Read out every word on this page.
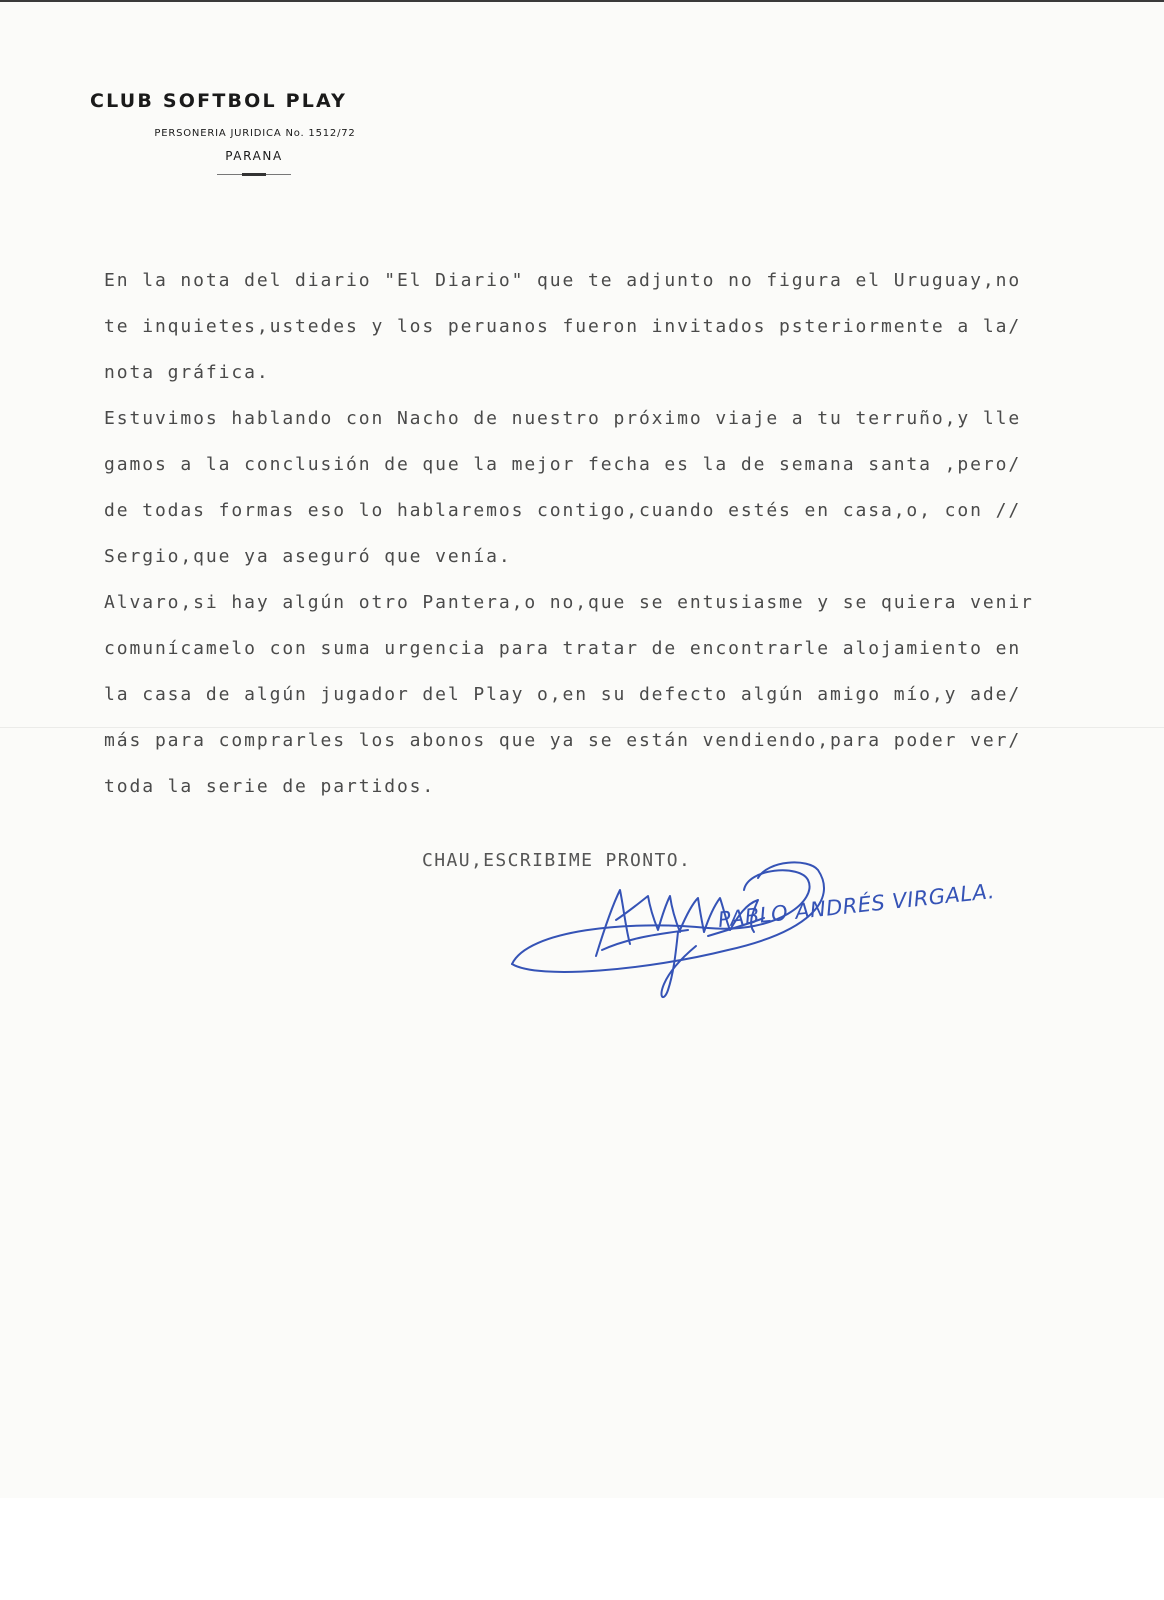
CLUB SOFTBOL PLAY
PERSONERIA JURIDICA No. 1512/72
PARANA
En la nota del diario "El Diario" que te adjunto no figura el Uruguay,no
te inquietes,ustedes y los peruanos fueron invitados psteriormente a la/
nota gráfica.
Estuvimos hablando con Nacho de nuestro próximo viaje a tu terruño,y lle
gamos a la conclusión de que la mejor fecha es la de semana santa ,pero/
de todas formas eso lo hablaremos contigo,cuando estés en casa,o, con //
Sergio,que ya aseguró que venía.
Alvaro,si hay algún otro Pantera,o no,que se entusiasme y se quiera venir
comunícamelo con suma urgencia para tratar de encontrarle alojamiento en
la casa de algún jugador del Play o,en su defecto algún amigo mío,y ade/
más para comprarles los abonos que ya se están vendiendo,para poder ver/
toda la serie de partidos.
CHAU,ESCRIBIME PRONTO.
PABLO ANDRÉS VIRGALA.
